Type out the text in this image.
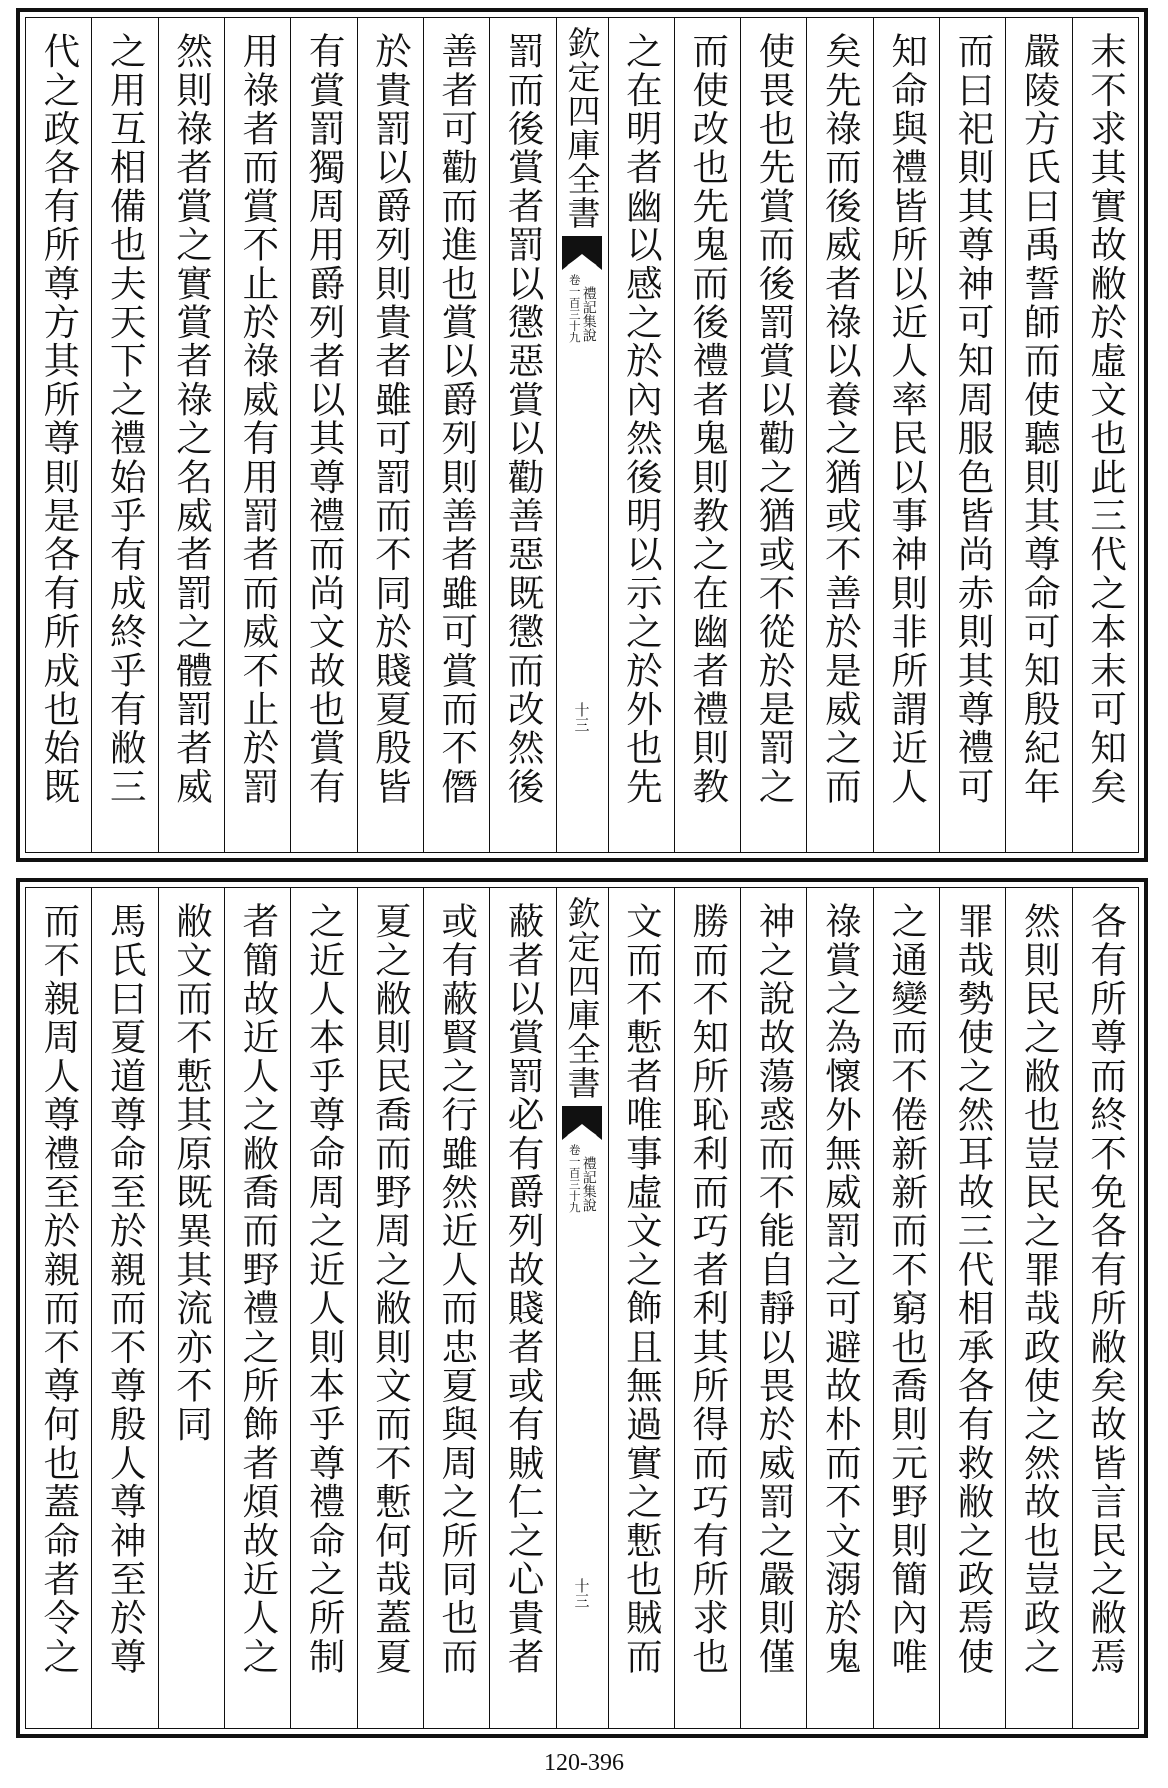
代之政各有所尊方其所尊則是各有所成也始既 之用互相備也夫天下之禮始乎有成終乎有敝三 然則祿者賞之實賞者祿之名威者罰之體罰者威 用祿者而賞不止於祿威有用罰者而威不止於罰 有賞罰獨周用爵列者以其尊禮而尚文故也賞有 於貴罰以爵列則貴者雖可罰而不同於賤夏殷皆 善者可勸而進也賞以爵列則善者雖可賞而不僭 罰而後賞者罰以懲惡賞以勸善惡既懲而改然後 欽定四庫全書
禮記集說
卷一百三十九
十三 之在明者幽以感之於內然後明以示之於外也先 而使改也先鬼而後禮者鬼則教之在幽者禮則教 使畏也先賞而後罰賞以勸之猶或不從於是罰之 矣先祿而後威者祿以養之猶或不善於是威之而 知命與禮皆所以近人率民以事神則非所謂近人 而曰祀則其尊神可知周服色皆尚赤則其尊禮可 嚴陵方氏曰禹誓師而使聽則其尊命可知殷紀年 末不求其實故敝於虛文也此三代之本末可知矣
而不親周人尊禮至於親而不尊何也蓋命者令之 馬氏曰夏道尊命至於親而不尊殷人尊神至於尊 敝文而不慙其原既異其流亦不同 者簡故近人之敝喬而野禮之所飾者煩故近人之 之近人本乎尊命周之近人則本乎尊禮命之所制 夏之敝則民喬而野周之敝則文而不慙何哉蓋夏 或有蔽賢之行雖然近人而忠夏與周之所同也而 蔽者以賞罰必有爵列故賤者或有賊仁之心貴者 欽定四庫全書
禮記集說
卷一百三十九
十三 文而不慙者唯事虛文之飾且無過實之慙也賊而 勝而不知所恥利而巧者利其所得而巧有所求也 神之說故蕩惑而不能自靜以畏於威罰之嚴則僅 祿賞之為懷外無威罰之可避故朴而不文溺於鬼 之通變而不倦新新而不窮也喬則元野則簡內唯 罪哉勢使之然耳故三代相承各有救敝之政焉使 然則民之敝也豈民之罪哉政使之然故也豈政之 各有所尊而終不免各有所敝矣故皆言民之敝焉
120-396
